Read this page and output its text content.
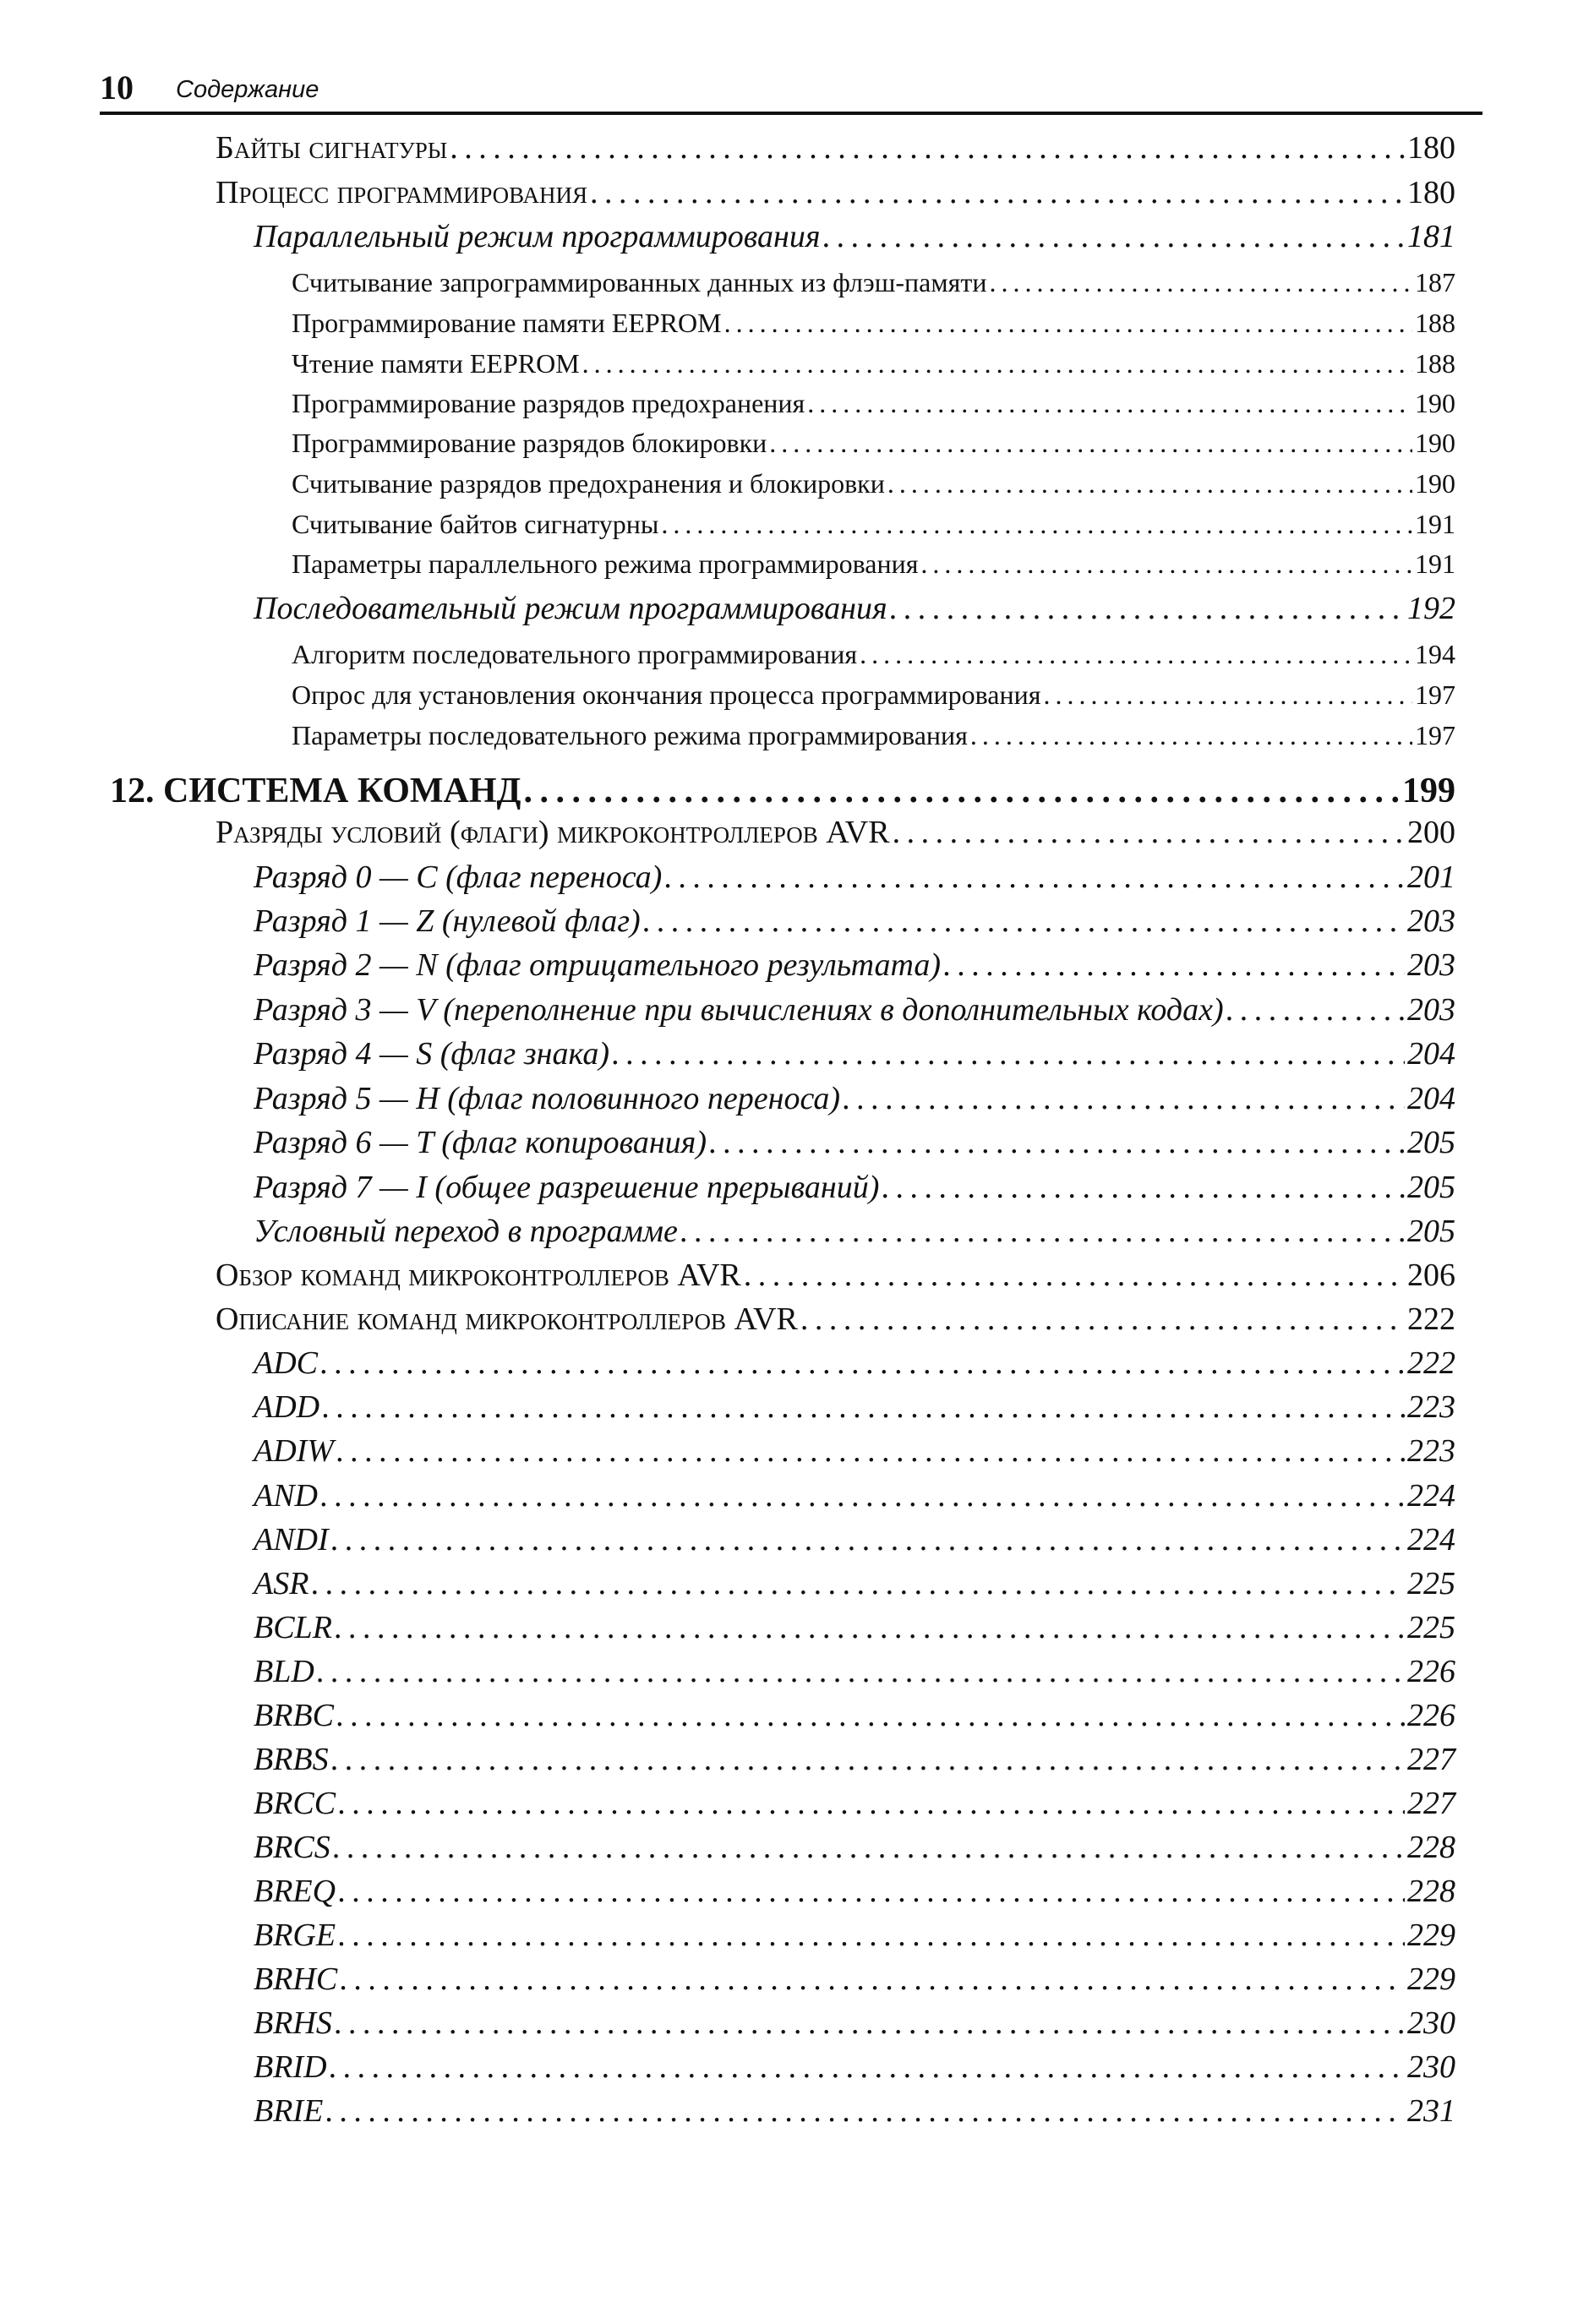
10 Содержание
Байты сигнатуры . . .	180
Процесс программирования . . .	180
Параллельный режим программирования . . .	181
Считывание запрограммированных данных из флэш-памяти . . .	187
Программирование памяти EEPROM . . .	188
Чтение памяти EEPROM . . .	188
Программирование разрядов предохранения . . .	190
Программирование разрядов блокировки . . .	190
Считывание разрядов предохранения и блокировки . . .	190
Считывание байтов сигнатурны . . .	191
Параметры параллельного режима программирования . . .	191
Последовательный режим программирования . . .	192
Алгоритм последовательного программирования . . .	194
Опрос для установления окончания процесса программирования . . .	197
Параметры последовательного режима программирования . . .	197
12. СИСТЕМА КОМАНД . . .	199
Разряды условий (флаги) микроконтроллеров AVR . . .	200
Разряд 0 — C (флаг переноса) . . .	201
Разряд 1 — Z (нулевой флаг) . . .	203
Разряд 2 — N (флаг отрицательного результата) . . .	203
Разряд 3 — V (переполнение при вычислениях в дополнительных кодах) . . .	203
Разряд 4 — S (флаг знака) . . .	204
Разряд 5 — H (флаг половинного переноса) . . .	204
Разряд 6 — T (флаг копирования) . . .	205
Разряд 7 — I (общее разрешение прерываний) . . .	205
Условный переход в программе . . .	205
Обзор команд микроконтроллеров AVR . . .	206
Описание команд микроконтроллеров AVR . . .	222
ADC . . .	222
ADD . . .	223
ADIW . . .	223
AND . . .	224
ANDI . . .	224
ASR . . .	225
BCLR . . .	225
BLD . . .	226
BRBC . . .	226
BRBS . . .	227
BRCC . . .	227
BRCS . . .	228
BREQ . . .	228
BRGE . . .	229
BRHC . . .	229
BRHS . . .	230
BRID . . .	230
BRIE . . .	231
